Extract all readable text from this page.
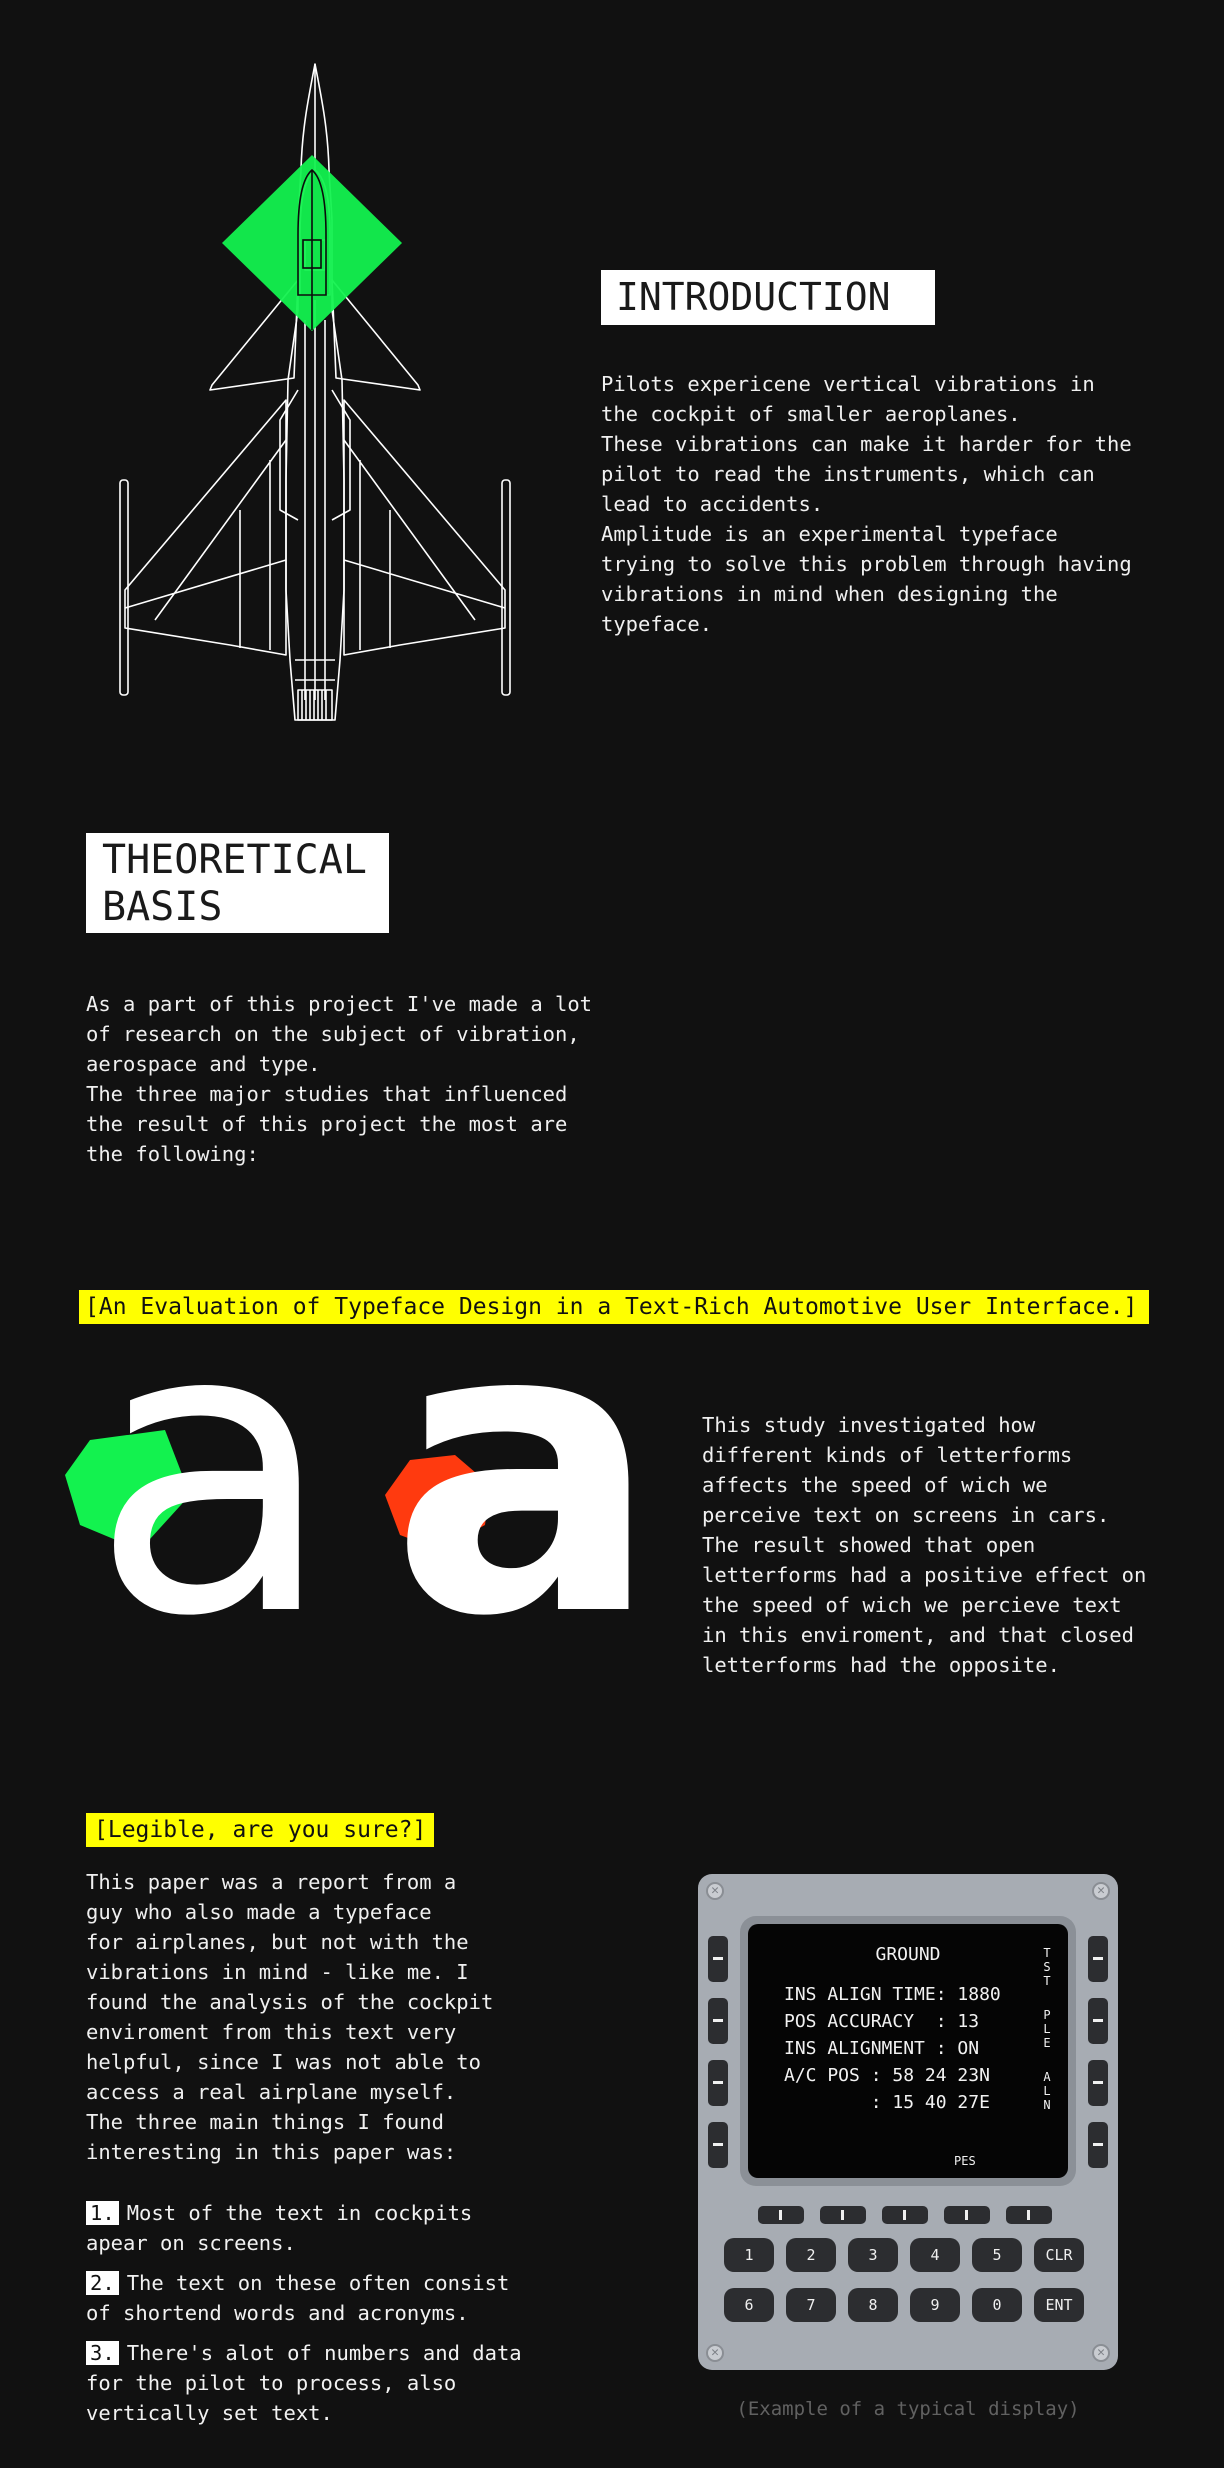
INTRODUCTION

Pilots expericene vertical vibrations in
the cockpit of smaller aeroplanes.
These vibrations can make it harder for the
pilot to read the instruments, which can
lead to accidents.
Amplitude is an experimental typeface
trying to solve this problem through having
vibrations in mind when designing the
typeface.

THEORETICAL
BASIS

As a part of this project I've made a lot
of research on the subject of vibration,
aerospace and type.
The three major studies that influenced
the result of this project the most are
the following:

[An Evaluation of Typeface Design in a Text-Rich Automotive User Interface.]
a a This study investigated how
different kinds of letterforms
affects the speed of wich we
perceive text on screens in cars.
The result showed that open
letterforms had a positive effect on
the speed of wich we percieve text
in this enviroment, and that closed
letterforms had the opposite.

[Legible, are you sure?]

This paper was a report from a
guy who also made a typeface
for airplanes, but not with the
vibrations in mind - like me. I
found the analysis of the cockpit
enviroment from this text very
helpful, since I was not able to
access a real airplane myself.
The three main things I found
interesting in this paper was:

1. Most of the text in cockpits
apear on screens.
2. The text on these often consist
of shortend words and acronyms.
3. There's alot of numbers and data
for the pilot to process, also
vertically set text.
✕	✕
✕	✕
GROUND
INS ALIGN TIME: 1880
POS ACCURACY  : 13
INS ALIGNMENT : ON
A/C POS : 58 24 23N
: 15 40 27E
TST
PLE
ALN
PES
1	2	3	4	5	CLR
6	7	8	9	0	ENT
(Example of a typical display)
